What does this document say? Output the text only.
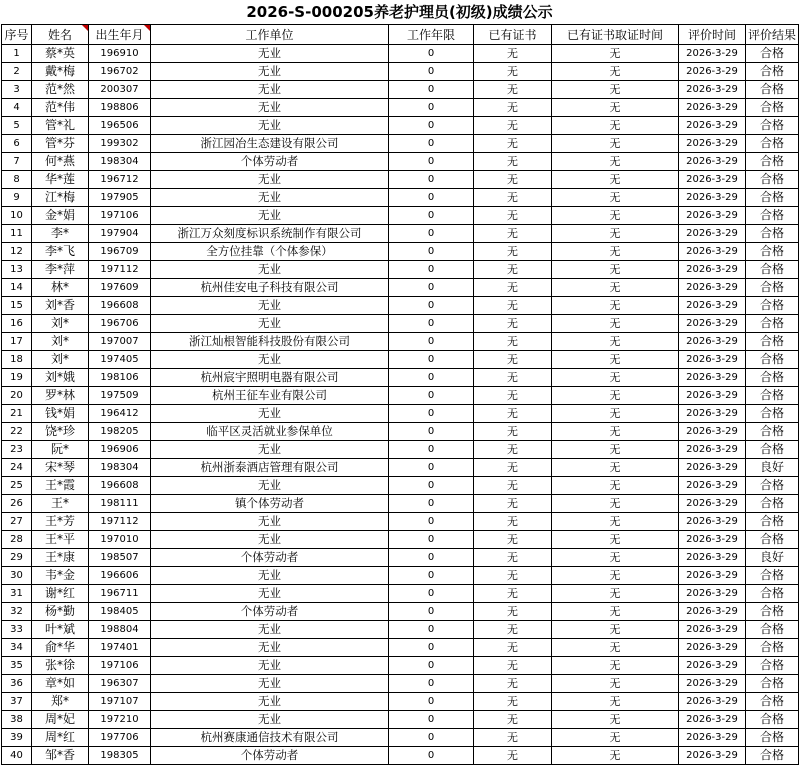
2026-S-000205养老护理员(初级)成绩公示
序号	姓名	出生年月	工作单位	工作年限	已有证书	已有证书取证时间	评价时间	评价结果
1	蔡*英	196910	无业	0	无	无	2026-3-29	合格
2	戴*梅	196702	无业	0	无	无	2026-3-29	合格
3	范*然	200307	无业	0	无	无	2026-3-29	合格
4	范*伟	198806	无业	0	无	无	2026-3-29	合格
5	管*礼	196506	无业	0	无	无	2026-3-29	合格
6	管*芬	199302	浙江园冶生态建设有限公司	0	无	无	2026-3-29	合格
7	何*燕	198304	个体劳动者	0	无	无	2026-3-29	合格
8	华*莲	196712	无业	0	无	无	2026-3-29	合格
9	江*梅	197905	无业	0	无	无	2026-3-29	合格
10	金*娟	197106	无业	0	无	无	2026-3-29	合格
11	李*	197904	浙江万众刻度标识系统制作有限公司	0	无	无	2026-3-29	合格
12	李*飞	196709	全方位挂靠（个体参保）	0	无	无	2026-3-29	合格
13	李*萍	197112	无业	0	无	无	2026-3-29	合格
14	林*	197609	杭州佳安电子科技有限公司	0	无	无	2026-3-29	合格
15	刘*香	196608	无业	0	无	无	2026-3-29	合格
16	刘*	196706	无业	0	无	无	2026-3-29	合格
17	刘*	197007	浙江灿根智能科技股份有限公司	0	无	无	2026-3-29	合格
18	刘*	197405	无业	0	无	无	2026-3-29	合格
19	刘*娥	198106	杭州宸宇照明电器有限公司	0	无	无	2026-3-29	合格
20	罗*林	197509	杭州王征车业有限公司	0	无	无	2026-3-29	合格
21	钱*娟	196412	无业	0	无	无	2026-3-29	合格
22	饶*珍	198205	临平区灵活就业参保单位	0	无	无	2026-3-29	合格
23	阮*	196906	无业	0	无	无	2026-3-29	合格
24	宋*琴	198304	杭州浙泰酒店管理有限公司	0	无	无	2026-3-29	良好
25	王*霞	196608	无业	0	无	无	2026-3-29	合格
26	王*	198111	镇个体劳动者	0	无	无	2026-3-29	合格
27	王*芳	197112	无业	0	无	无	2026-3-29	合格
28	王*平	197010	无业	0	无	无	2026-3-29	合格
29	王*康	198507	个体劳动者	0	无	无	2026-3-29	良好
30	韦*金	196606	无业	0	无	无	2026-3-29	合格
31	谢*红	196711	无业	0	无	无	2026-3-29	合格
32	杨*勤	198405	个体劳动者	0	无	无	2026-3-29	合格
33	叶*斌	198804	无业	0	无	无	2026-3-29	合格
34	俞*华	197401	无业	0	无	无	2026-3-29	合格
35	张*徐	197106	无业	0	无	无	2026-3-29	合格
36	章*如	196307	无业	0	无	无	2026-3-29	合格
37	郑*	197107	无业	0	无	无	2026-3-29	合格
38	周*妃	197210	无业	0	无	无	2026-3-29	合格
39	周*红	197706	杭州赛康通信技术有限公司	0	无	无	2026-3-29	合格
40	邹*香	198305	个体劳动者	0	无	无	2026-3-29	合格
